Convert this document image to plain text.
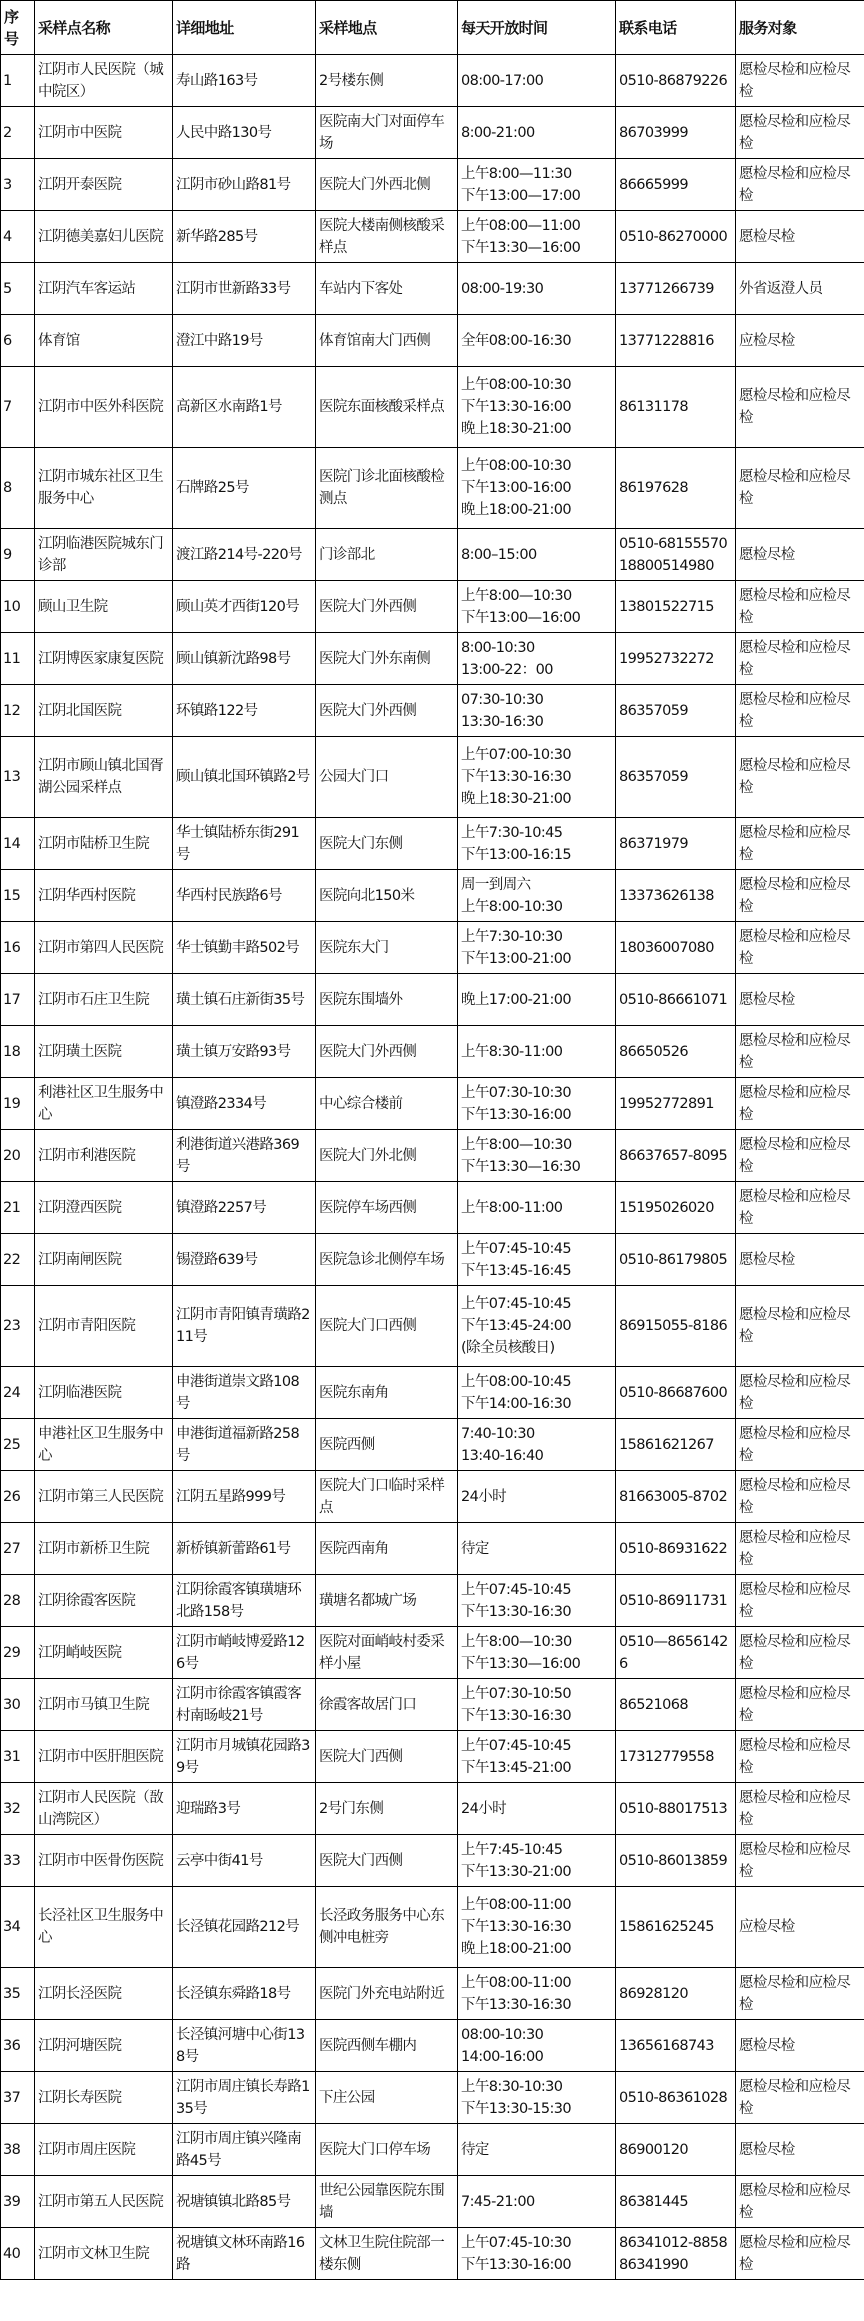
序号	采样点名称	详细地址	采样地点	每天开放时间	联系电话	服务对象
1	江阴市人民医院（城中院区）	寿山路163号	2号楼东侧	08:00-17:00	0510-86879226	愿检尽检和应检尽检
2	江阴市中医院	人民中路130号	医院南大门对面停车场	8:00-21:00	86703999	愿检尽检和应检尽检
3	江阴开泰医院	江阴市砂山路81号	医院大门外西北侧	上午8:00—11:30
下午13:00—17:00	86665999	愿检尽检和应检尽检
4	江阴德美嘉妇儿医院	新华路285号	医院大楼南侧核酸采样点	上午08:00—11:00
下午13:30—16:00	0510-86270000	愿检尽检
5	江阴汽车客运站	江阴市世新路33号	车站内下客处	08:00-19:30	13771266739	外省返澄人员
6	体育馆	澄江中路19号	体育馆南大门西侧	全年08:00-16:30	13771228816	应检尽检
7	江阴市中医外科医院	高新区水南路1号	医院东面核酸采样点	上午08:00-10:30
下午13:30-16:00
晚上18:30-21:00	86131178	愿检尽检和应检尽检
8	江阴市城东社区卫生服务中心	石牌路25号	医院门诊北面核酸检测点	上午08:00-10:30
下午13:00-16:00
晚上18:00-21:00	86197628	愿检尽检和应检尽检
9	江阴临港医院城东门诊部	渡江路214号-220号	门诊部北	8:00–15:00	0510-68155570
18800514980	愿检尽检
10	顾山卫生院	顾山英才西街120号	医院大门外西侧	上午8:00—10:30
下午13:00—16:00	13801522715	愿检尽检和应检尽检
11	江阴博医家康复医院	顾山镇新沈路98号	医院大门外东南侧	8:00-10:30
13:00-22：00	19952732272	愿检尽检和应检尽检
12	江阴北国医院	环镇路122号	医院大门外西侧	07:30-10:30
13:30-16:30	86357059	愿检尽检和应检尽检
13	江阴市顾山镇北国胥湖公园采样点	顾山镇北国环镇路2号	公园大门口	上午07:00-10:30
下午13:30-16:30
晚上18:30-21:00	86357059	愿检尽检和应检尽检
14	江阴市陆桥卫生院	华士镇陆桥东街291号	医院大门东侧	上午7:30-10:45
下午13:00-16:15	86371979	愿检尽检和应检尽检
15	江阴华西村医院	华西村民族路6号	医院向北150米	周一到周六
上午8:00-10:30	13373626138	愿检尽检和应检尽检
16	江阴市第四人民医院	华士镇勤丰路502号	医院东大门	上午7:30-10:30
下午13:00-21:00	18036007080	愿检尽检和应检尽检
17	江阴市石庄卫生院	璜土镇石庄新街35号	医院东围墙外	晚上17:00-21:00	0510-86661071	愿检尽检
18	江阴璜土医院	璜土镇万安路93号	医院大门外西侧	上午8:30-11:00	86650526	愿检尽检和应检尽检
19	利港社区卫生服务中心	镇澄路2334号	中心综合楼前	上午07:30-10:30
下午13:30-16:00	19952772891	愿检尽检和应检尽检
20	江阴市利港医院	利港街道兴港路369号	医院大门外北侧	上午8:00—10:30
下午13:30—16:30	86637657-8095	愿检尽检和应检尽检
21	江阴澄西医院	镇澄路2257号	医院停车场西侧	上午8:00-11:00	15195026020	愿检尽检和应检尽检
22	江阴南闸医院	锡澄路639号	医院急诊北侧停车场	上午07:45-10:45
下午13:45-16:45	0510-86179805	愿检尽检
23	江阴市青阳医院	江阴市青阳镇青璜路211号	医院大门口西侧	上午07:45-10:45
下午13:45-24:00
(除全员核酸日)	86915055-8186	愿检尽检和应检尽检
24	江阴临港医院	申港街道崇文路108号	医院东南角	上午08:00-10:45
下午14:00-16:30	0510-86687600	愿检尽检和应检尽检
25	申港社区卫生服务中心	申港街道福新路258号	医院西侧	7:40-10:30
13:40-16:40	15861621267	愿检尽检和应检尽检
26	江阴市第三人民医院	江阴五星路999号	医院大门口临时采样点	24小时	81663005-8702	愿检尽检和应检尽检
27	江阴市新桥卫生院	新桥镇新蕾路61号	医院西南角	待定	0510-86931622	愿检尽检和应检尽检
28	江阴徐霞客医院	江阴徐霞客镇璜塘环北路158号	璜塘名都城广场	上午07:45-10:45
下午13:30-16:30	0510-86911731	愿检尽检和应检尽检
29	江阴峭岐医院	江阴市峭岐博爱路126号	医院对面峭岐村委采样小屋	上午8:00—10:30
下午13:30—16:00	0510—86561426	愿检尽检和应检尽检
30	江阴市马镇卫生院	江阴市徐霞客镇霞客村南旸岐21号	徐霞客故居门口	上午07:30-10:50
下午13:30-16:30	86521068	愿检尽检和应检尽检
31	江阴市中医肝胆医院	江阴市月城镇花园路39号	医院大门西侧	上午07:45-10:45
下午13:45-21:00	17312779558	愿检尽检和应检尽检
32	江阴市人民医院（敔山湾院区）	迎瑞路3号	2号门东侧	24小时	0510-88017513	愿检尽检和应检尽检
33	江阴市中医骨伤医院	云亭中街41号	医院大门西侧	上午7:45-10:45
下午13:30-21:00	0510-86013859	愿检尽检和应检尽检
34	长泾社区卫生服务中心	长泾镇花园路212号	长泾政务服务中心东侧冲电桩旁	上午08:00-11:00
下午13:30-16:30
晚上18:00-21:00	15861625245	应检尽检
35	江阴长泾医院	长泾镇东舜路18号	医院门外充电站附近	上午08:00-11:00
下午13:30-16:30	86928120	愿检尽检和应检尽检
36	江阴河塘医院	长泾镇河塘中心街138号	医院西侧车棚内	08:00-10:30
14:00-16:00	13656168743	愿检尽检
37	江阴长寿医院	江阴市周庄镇长寿路135号	下庄公园	上午8:30-10:30
下午13:30-15:30	0510-86361028	愿检尽检和应检尽检
38	江阴市周庄医院	江阴市周庄镇兴隆南路45号	医院大门口停车场	待定	86900120	愿检尽检
39	江阴市第五人民医院	祝塘镇镇北路85号	世纪公园靠医院东围墙	7:45-21:00	86381445	愿检尽检和应检尽检
40	江阴市文林卫生院	祝塘镇文林环南路16路	文林卫生院住院部一楼东侧	上午07:45-10:30
下午13:30-16:00	86341012-8858
86341990	愿检尽检和应检尽检
